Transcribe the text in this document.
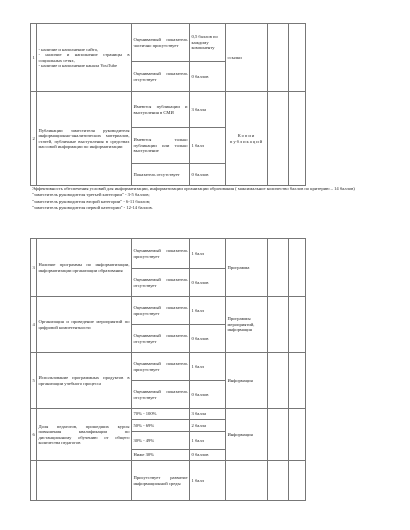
1	- наличие и наполнение сайта,
- наличие и наполнение страницы в социальных сетях,
- наличие и наполнение канала YouTube	Оценивaемый показатель частично присутствует	0,5 баллов по каждому компоненту	ссылки		
		Оцениваемый показатель отсутствует	0 баллов			
2	Публикации заместителя руководителя информационно-аналитических материалов, статей, публичные выступления в средствах массовой информации по информатизации	Имеются публикации и выступления в СМИ	3 балла	Копии публикаций		
		Имеются только публикации или только выступление	1 балл			
		Показатель отсутствует	0 баллов			
Эффективность обеспечения условий для информатизации, информатизации организации образования ( максимальное количество баллов по критерию – 14 баллов)
"заместитель руководителя третьей категории" - 3-5 баллов;
"заместитель руководителя второй категории" - 6-11 баллов;
"заместитель руководителя первой категории" - 12-14 баллов.
3	Наличие программы по информатизации, информатизации организации образования	Оцениваемый показатель присутствует	1 балл	Программа		
		Оцениваемый показатель отсутствует	0 баллов			
4	Организация и проведение мероприятий по цифровой компетентности	Оцениваемый показатель присутствует	1 балл	Программы мероприятий, информация		
		Оцениваемый показатель отсутствует	0 баллов			
5	Использование программных продуктов в организации учебного процесса	Оцениваемый показатель присутствует	1 балл	Информация		
		Оцениваемый показатель отсутствует	0 баллов			
6	Доля педагогов, прошедших курсы повышения квалификации по дистанционному обучению от общего количества педагогов	70% - 100%	3 балла	Информация		
		50% - 69%	2 балла			
		30% - 49%	1 балл			
		Ниже 30%	0 баллов			
		Присутствует развитие информационной среды	1 балл			
